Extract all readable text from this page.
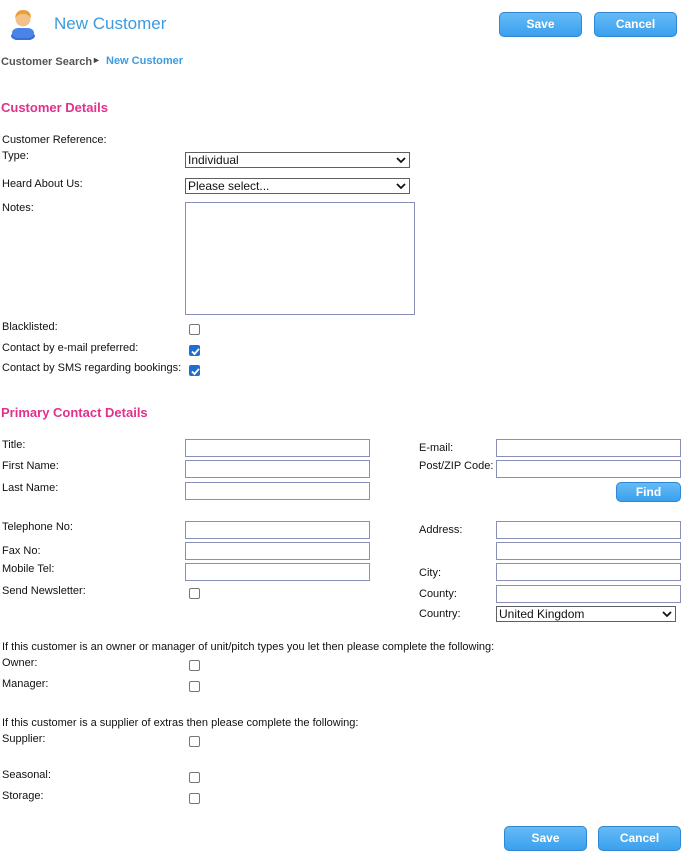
New Customer	Save	Cancel
Customer Search ► New Customer
Customer Details
Customer Reference:
Type:	Individual
Heard About Us:	Please select...
Notes:
Blacklisted:
Contact by e-mail preferred:
Contact by SMS regarding bookings:
Primary Contact Details
Title:
First Name:
Last Name:
E-mail:
Post/ZIP Code:
Find
Telephone No:
Fax No:
Mobile Tel:
Send Newsletter:
Address:
City:
County:
Country:	United Kingdom
If this customer is an owner or manager of unit/pitch types you let then please complete the following:
Owner:
Manager:
If this customer is a supplier of extras then please complete the following:
Supplier:
Seasonal:
Storage:
Save	Cancel
